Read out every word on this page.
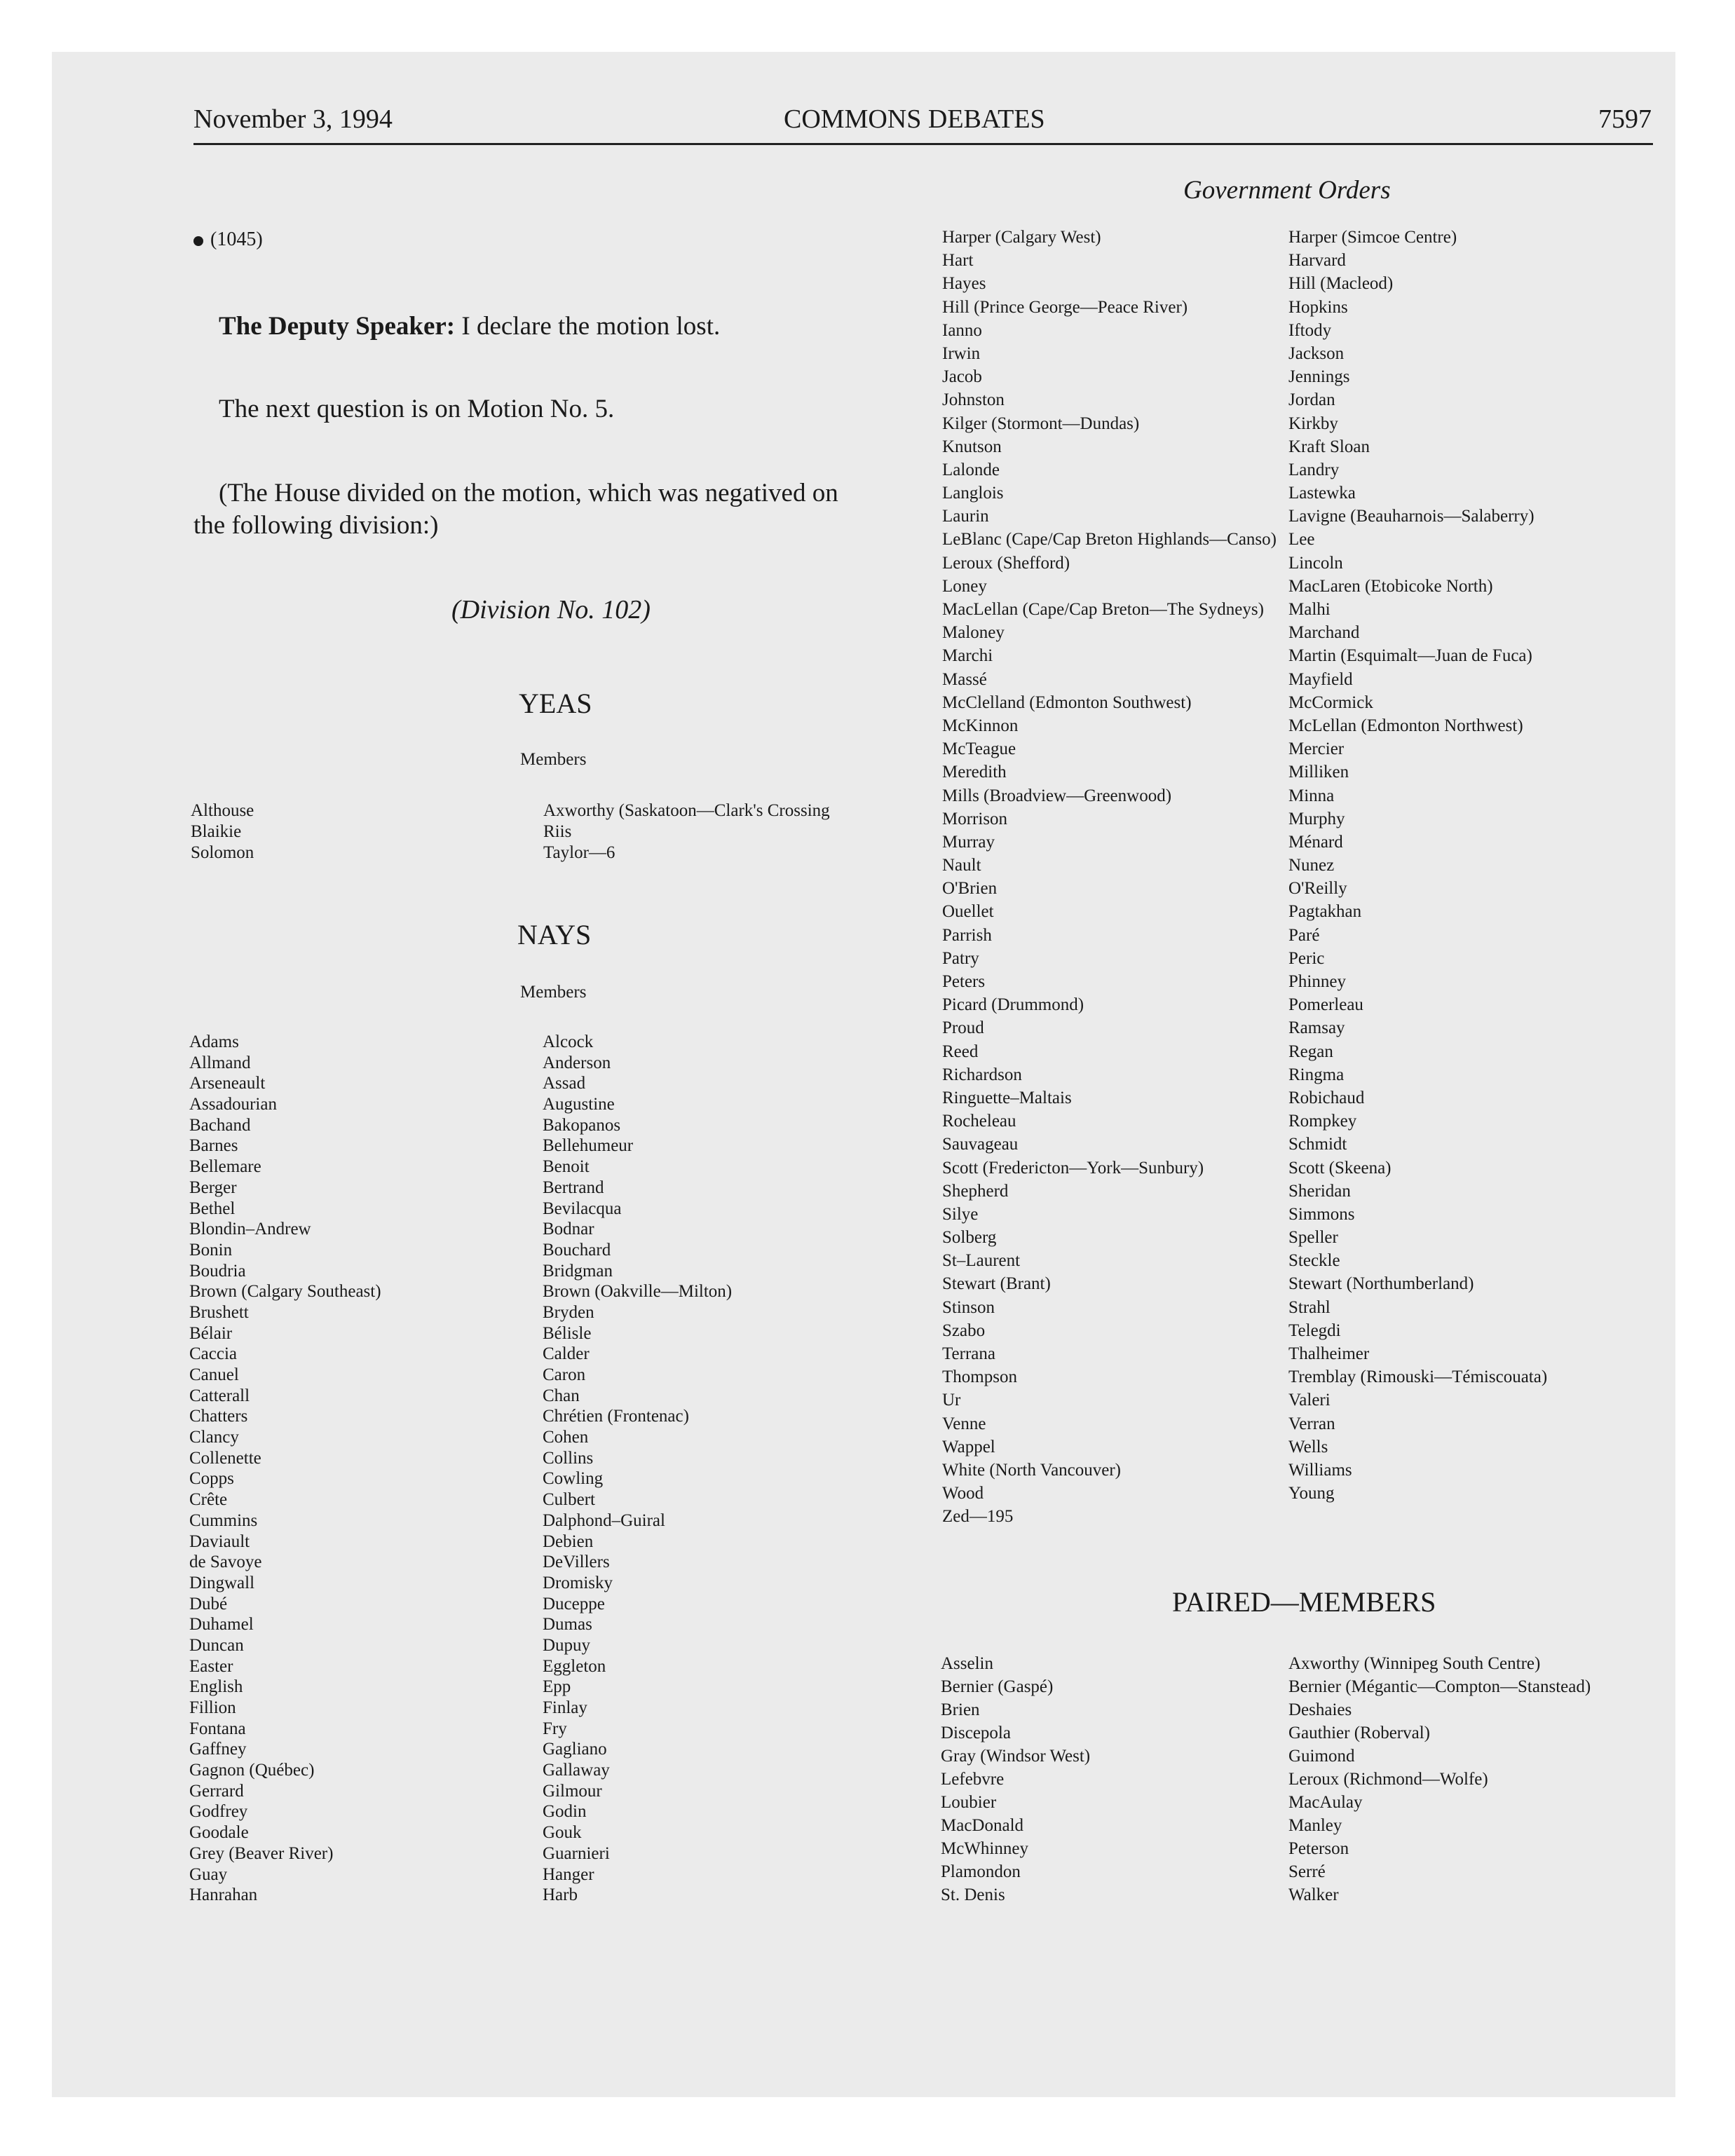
November 3, 1994	COMMONS DEBATES	7597
Government Orders
(1045)
The Deputy Speaker: I declare the motion lost.
The next question is on Motion No. 5.
(The House divided on the motion, which was negatived on
the following division:)
(Division No. 102)
YEAS
Members
Althouse
Blaikie
Solomon
Axworthy (Saskatoon—Clark's Crossing
Riis
Taylor—6
NAYS
Members
Adams
Allmand
Arseneault
Assadourian
Bachand
Barnes
Bellemare
Berger
Bethel
Blondin–Andrew
Bonin
Boudria
Brown (Calgary Southeast)
Brushett
Bélair
Caccia
Canuel
Catterall
Chatters
Clancy
Collenette
Copps
Crête
Cummins
Daviault
de Savoye
Dingwall
Dubé
Duhamel
Duncan
Easter
English
Fillion
Fontana
Gaffney
Gagnon (Québec)
Gerrard
Godfrey
Goodale
Grey (Beaver River)
Guay
Hanrahan
Alcock
Anderson
Assad
Augustine
Bakopanos
Bellehumeur
Benoit
Bertrand
Bevilacqua
Bodnar
Bouchard
Bridgman
Brown (Oakville—Milton)
Bryden
Bélisle
Calder
Caron
Chan
Chrétien (Frontenac)
Cohen
Collins
Cowling
Culbert
Dalphond–Guiral
Debien
DeVillers
Dromisky
Duceppe
Dumas
Dupuy
Eggleton
Epp
Finlay
Fry
Gagliano
Gallaway
Gilmour
Godin
Gouk
Guarnieri
Hanger
Harb
Harper (Calgary West)
Hart
Hayes
Hill (Prince George—Peace River)
Ianno
Irwin
Jacob
Johnston
Kilger (Stormont—Dundas)
Knutson
Lalonde
Langlois
Laurin
LeBlanc (Cape/Cap Breton Highlands—Canso)
Leroux (Shefford)
Loney
MacLellan (Cape/Cap Breton—The Sydneys)
Maloney
Marchi
Massé
McClelland (Edmonton Southwest)
McKinnon
McTeague
Meredith
Mills (Broadview—Greenwood)
Morrison
Murray
Nault
O'Brien
Ouellet
Parrish
Patry
Peters
Picard (Drummond)
Proud
Reed
Richardson
Ringuette–Maltais
Rocheleau
Sauvageau
Scott (Fredericton—York—Sunbury)
Shepherd
Silye
Solberg
St–Laurent
Stewart (Brant)
Stinson
Szabo
Terrana
Thompson
Ur
Venne
Wappel
White (North Vancouver)
Wood
Zed—195
Harper (Simcoe Centre)
Harvard
Hill (Macleod)
Hopkins
Iftody
Jackson
Jennings
Jordan
Kirkby
Kraft Sloan
Landry
Lastewka
Lavigne (Beauharnois—Salaberry)
Lee
Lincoln
MacLaren (Etobicoke North)
Malhi
Marchand
Martin (Esquimalt—Juan de Fuca)
Mayfield
McCormick
McLellan (Edmonton Northwest)
Mercier
Milliken
Minna
Murphy
Ménard
Nunez
O'Reilly
Pagtakhan
Paré
Peric
Phinney
Pomerleau
Ramsay
Regan
Ringma
Robichaud
Rompkey
Schmidt
Scott (Skeena)
Sheridan
Simmons
Speller
Steckle
Stewart (Northumberland)
Strahl
Telegdi
Thalheimer
Tremblay (Rimouski—Témiscouata)
Valeri
Verran
Wells
Williams
Young
PAIRED—MEMBERS
Asselin
Bernier (Gaspé)
Brien
Discepola
Gray (Windsor West)
Lefebvre
Loubier
MacDonald
McWhinney
Plamondon
St. Denis
Axworthy (Winnipeg South Centre)
Bernier (Mégantic—Compton—Stanstead)
Deshaies
Gauthier (Roberval)
Guimond
Leroux (Richmond—Wolfe)
MacAulay
Manley
Peterson
Serré
Walker
